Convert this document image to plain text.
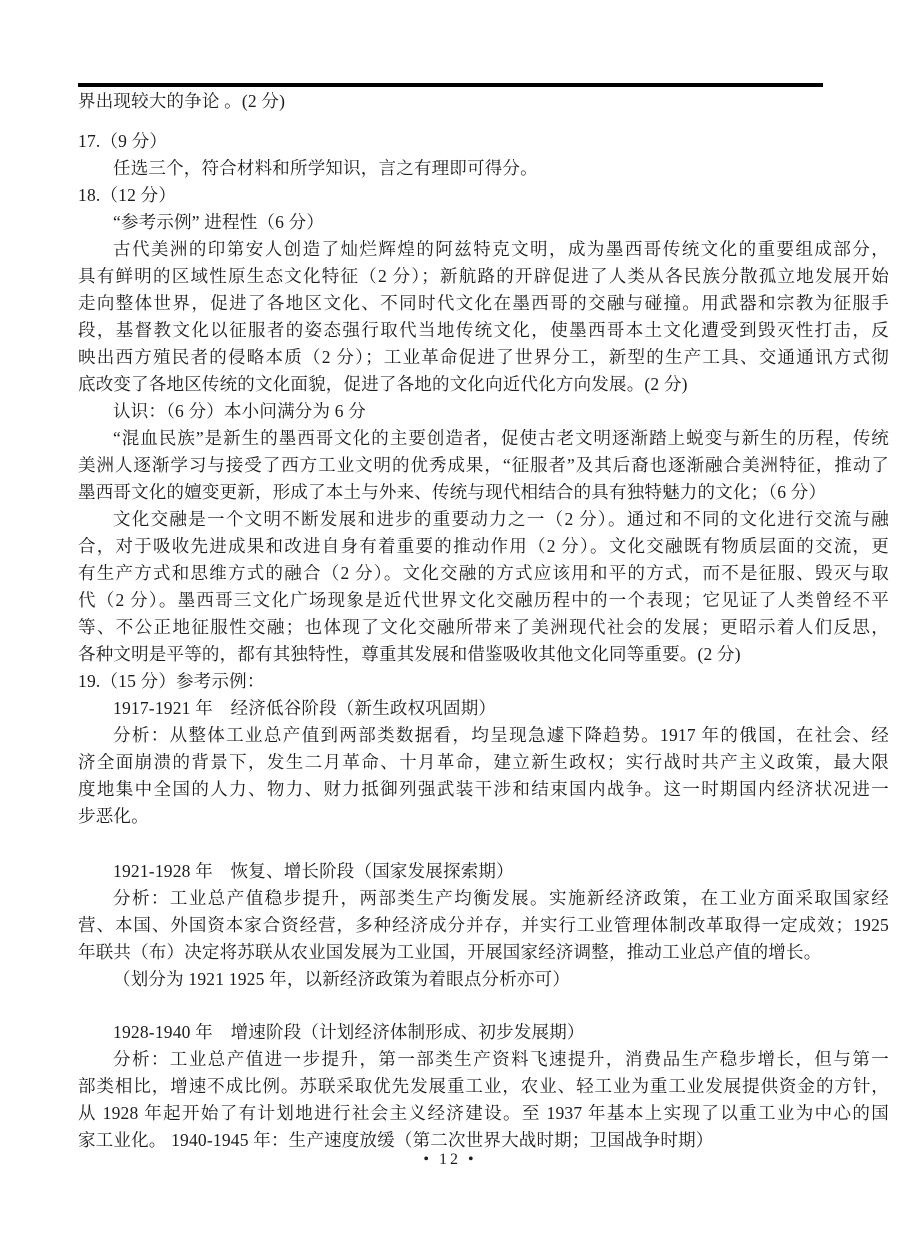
界出现较大的争论 。(2 分)
17.（9 分）
任选三个，符合材料和所学知识，言之有理即可得分。
18.（12 分）
“参考示例” 进程性（6 分）
古代美洲的印第安人创造了灿烂辉煌的阿兹特克文明，成为墨西哥传统文化的重要组成部分，
具有鲜明的区域性原生态文化特征（2 分）；新航路的开辟促进了人类从各民族分散孤立地发展开始
走向整体世界，促进了各地区文化、不同时代文化在墨西哥的交融与碰撞。用武器和宗教为征服手
段，基督教文化以征服者的姿态强行取代当地传统文化，使墨西哥本土文化遭受到毁灭性打击，反
映出西方殖民者的侵略本质（2 分）；工业革命促进了世界分工，新型的生产工具、交通通讯方式彻
底改变了各地区传统的文化面貌，促进了各地的文化向近代化方向发展。(2 分)
认识：（6 分）本小问满分为 6 分
“混血民族”是新生的墨西哥文化的主要创造者，促使古老文明逐渐踏上蜕变与新生的历程，传统
美洲人逐渐学习与接受了西方工业文明的优秀成果，“征服者”及其后裔也逐渐融合美洲特征，推动了
墨西哥文化的嬗变更新，形成了本土与外来、传统与现代相结合的具有独特魅力的文化；（6 分）
文化交融是一个文明不断发展和进步的重要动力之一（2 分）。通过和不同的文化进行交流与融
合，对于吸收先进成果和改进自身有着重要的推动作用（2 分）。文化交融既有物质层面的交流，更
有生产方式和思维方式的融合（2 分）。文化交融的方式应该用和平的方式，而不是征服、毁灭与取
代（2 分）。墨西哥三文化广场现象是近代世界文化交融历程中的一个表现；它见证了人类曾经不平
等、不公正地征服性交融；也体现了文化交融所带来了美洲现代社会的发展；更昭示着人们反思，
各种文明是平等的，都有其独特性，尊重其发展和借鉴吸收其他文化同等重要。(2 分)
19.（15 分）参考示例：
1917-1921 年　经济低谷阶段（新生政权巩固期）
分析：从整体工业总产值到两部类数据看，均呈现急遽下降趋势。1917 年的俄国，在社会、经
济全面崩溃的背景下，发生二月革命、十月革命，建立新生政权；实行战时共产主义政策，最大限
度地集中全国的人力、物力、财力抵御列强武装干涉和结束国内战争。这一时期国内经济状况进一
步恶化。
1921-1928 年　恢复、增长阶段（国家发展探索期）
分析：工业总产值稳步提升，两部类生产均衡发展。实施新经济政策，在工业方面采取国家经
营、本国、外国资本家合资经营，多种经济成分并存，并实行工业管理体制改革取得一定成效；1925
年联共（布）决定将苏联从农业国发展为工业国，开展国家经济调整，推动工业总产值的增长。
（划分为 1921 1925 年，以新经济政策为着眼点分析亦可）
1928-1940 年　增速阶段（计划经济体制形成、初步发展期）
分析：工业总产值进一步提升，第一部类生产资料飞速提升，消费品生产稳步增长，但与第一
部类相比，增速不成比例。苏联采取优先发展重工业，农业、轻工业为重工业发展提供资金的方针，
从 1928 年起开始了有计划地进行社会主义经济建设。至 1937 年基本上实现了以重工业为中心的国
家工业化。 1940-1945 年：生产速度放缓（第二次世界大战时期；卫国战争时期）
• 12 •
